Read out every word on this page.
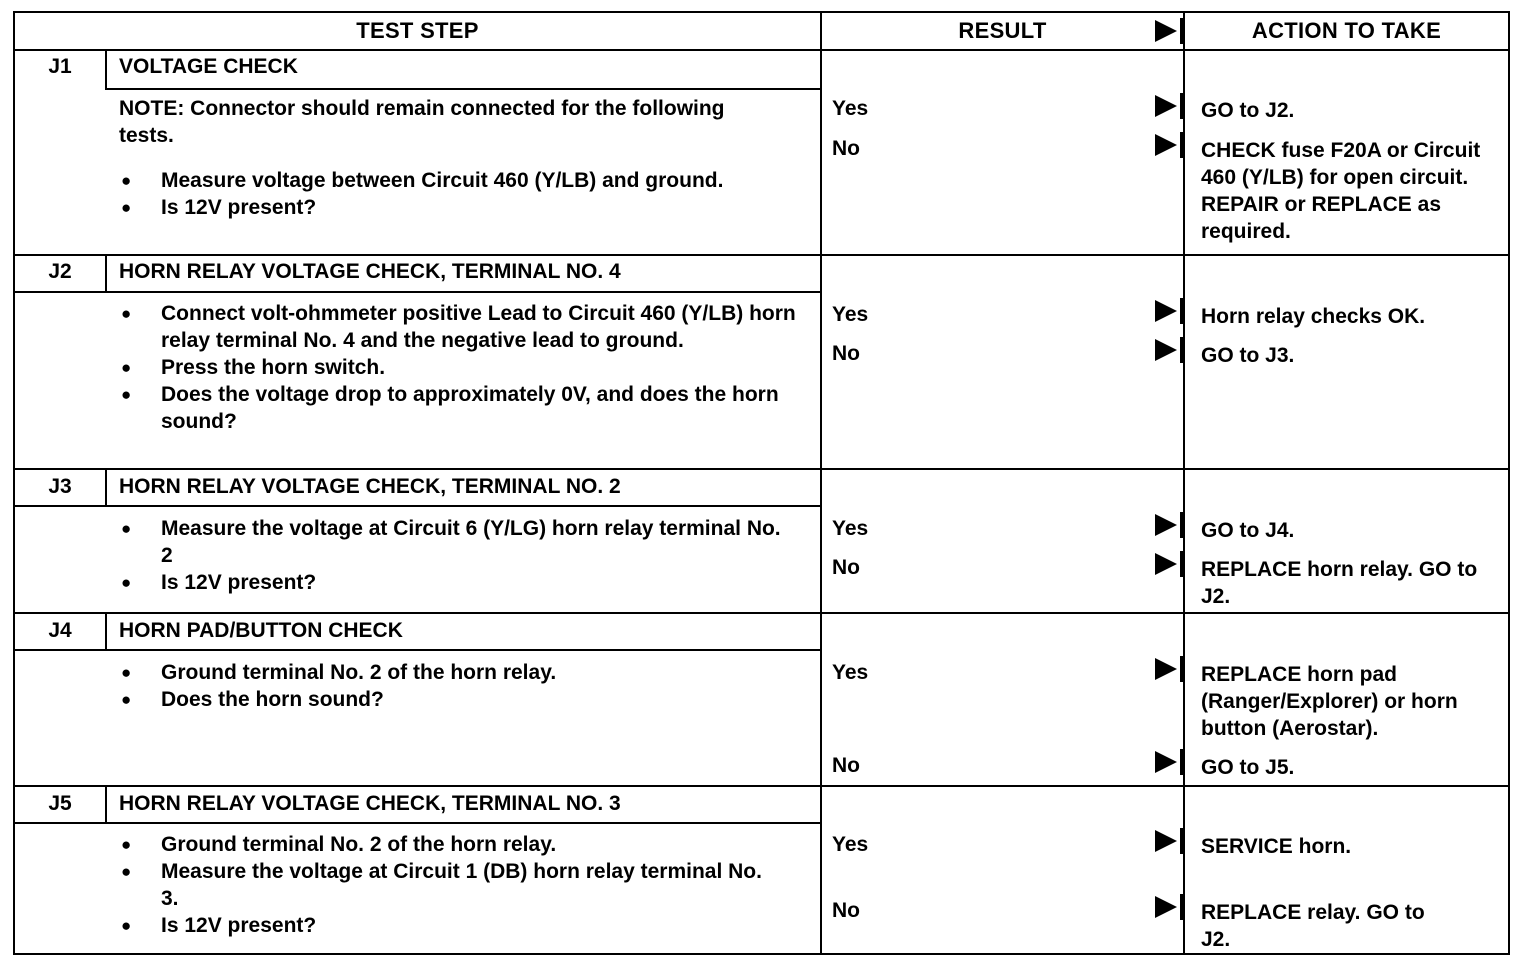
TEST STEP	RESULT	ACTION TO TAKE
J1	VOLTAGE CHECK
NOTE: Connector should remain connected for the following tests.
● Measure voltage between Circuit 460 (Y/LB) and ground.
● Is 12V present?
Yes	GO to J2.
No	CHECK fuse F20A or Circuit 460 (Y/LB) for open circuit. REPAIR or REPLACE as required.
J2	HORN RELAY VOLTAGE CHECK, TERMINAL NO. 4
● Connect volt-ohmmeter positive Lead to Circuit 460 (Y/LB) horn relay terminal No. 4 and the negative lead to ground.
● Press the horn switch.
● Does the voltage drop to approximately 0V, and does the horn sound?
Yes	Horn relay checks OK.
No	GO to J3.
J3	HORN RELAY VOLTAGE CHECK, TERMINAL NO. 2
● Measure the voltage at Circuit 6 (Y/LG) horn relay terminal No. 2
● Is 12V present?
Yes	GO to J4.
No	REPLACE horn relay. GO to J2.
J4	HORN PAD/BUTTON CHECK
● Ground terminal No. 2 of the horn relay.
● Does the horn sound?
Yes	REPLACE horn pad (Ranger/Explorer) or horn button (Aerostar).
No	GO to J5.
J5	HORN RELAY VOLTAGE CHECK, TERMINAL NO. 3
● Ground terminal No. 2 of the horn relay.
● Measure the voltage at Circuit 1 (DB) horn relay terminal No. 3.
● Is 12V present?
Yes	SERVICE horn.
No	REPLACE relay. GO to J2.
